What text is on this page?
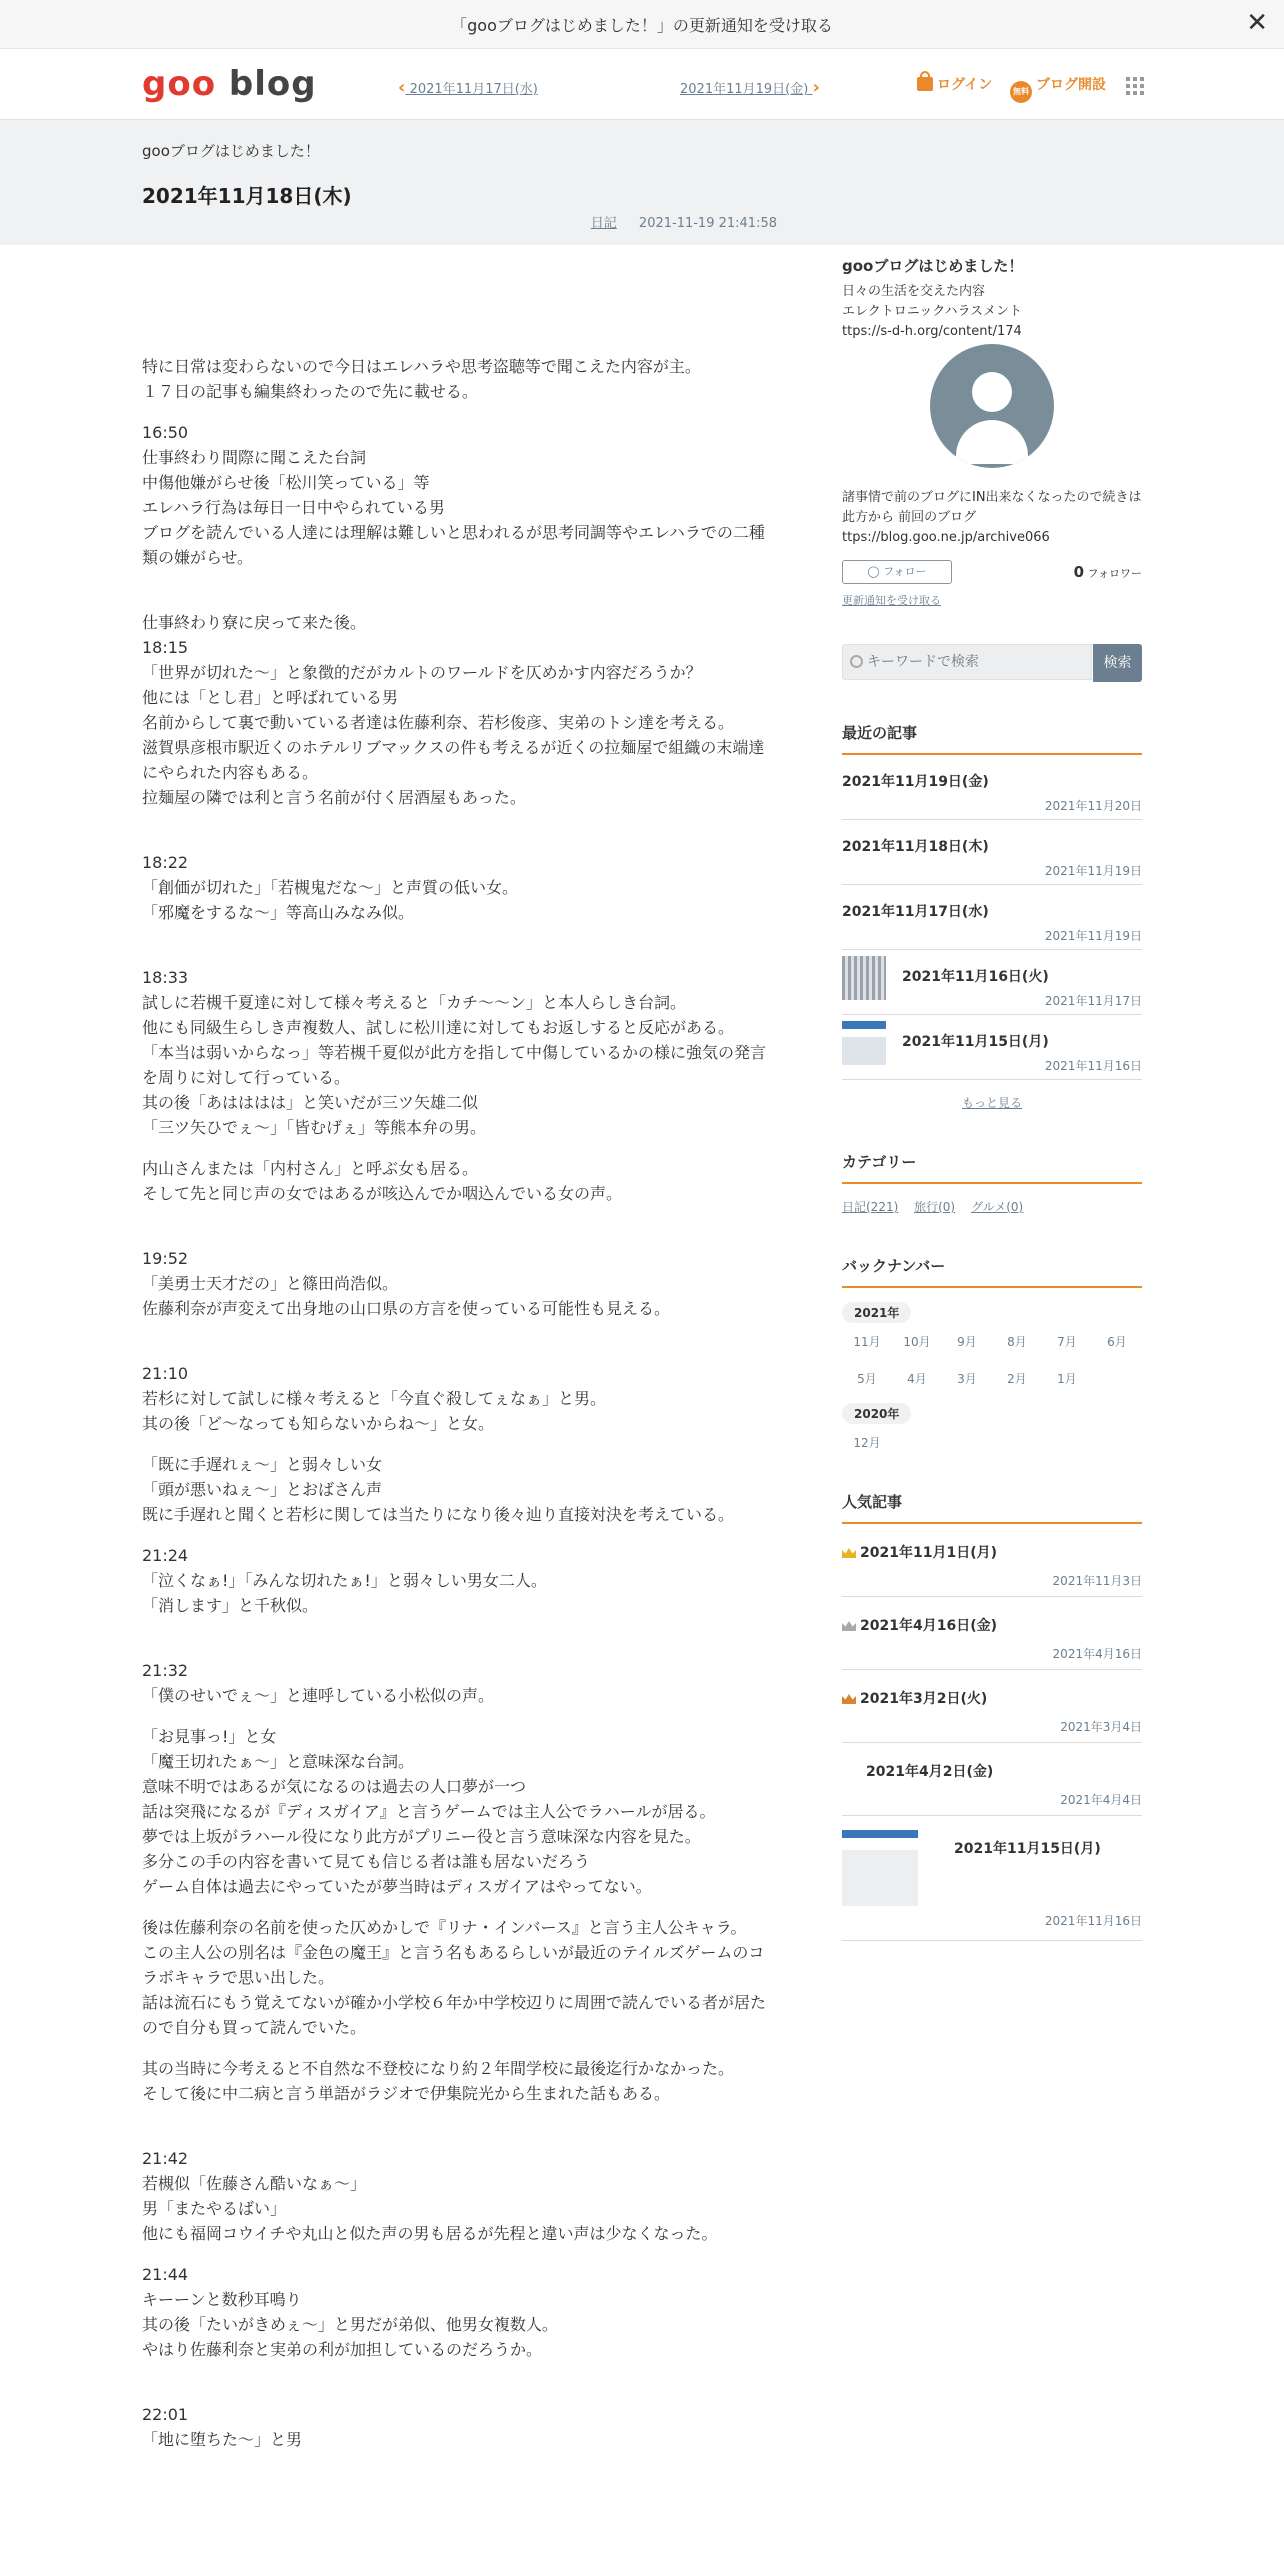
「gooブログはじめました！」の更新通知を受け取る	✕
goo blog	‹ 2021年11月17日(水)	2021年11月19日(金) ›	ログイン	無料 ブログ開設
gooブログはじめました！
2021年11月18日(木)
日記 2021-11-19 21:41:58

特に日常は変わらないので今日はエレハラや思考盗聴等で聞こえた内容が主。
１７日の記事も編集終わったので先に載せる。

16:50
仕事終わり間際に聞こえた台詞
中傷他嫌がらせ後「松川笑っている」等
エレハラ行為は毎日一日中やられている男
ブログを読んでいる人達には理解は難しいと思われるが思考同調等やエレハラでの二種類の嫌がらせ。

仕事終わり寮に戻って来た後。
18:15
「世界が切れた～」と象徴的だがカルトのワールドを仄めかす内容だろうか？
他には「とし君」と呼ばれている男
名前からして裏で動いている者達は佐藤利奈、若杉俊彦、実弟のトシ達を考える。
滋賀県彦根市駅近くのホテルリブマックスの件も考えるが近くの拉麺屋で組織の末端達にやられた内容もある。
拉麺屋の隣では利と言う名前が付く居酒屋もあった。

18:22
「創価が切れた」「若槻鬼だな～」と声質の低い女。
「邪魔をするな～」等高山みなみ似。

18:33
試しに若槻千夏達に対して様々考えると「カチ～～ン」と本人らしき台詞。
他にも同級生らしき声複数人、試しに松川達に対してもお返しすると反応がある。
「本当は弱いからなっ」等若槻千夏似が此方を指して中傷しているかの様に強気の発言を周りに対して行っている。
其の後「あはははは」と笑いだが三ツ矢雄二似
「三ツ矢ひでぇ～」「皆むげぇ」等熊本弁の男。

内山さんまたは「内村さん」と呼ぶ女も居る。
そして先と同じ声の女ではあるが咳込んでか咽込んでいる女の声。

19:52
「美勇士天才だの」と篠田尚浩似。
佐藤利奈が声変えて出身地の山口県の方言を使っている可能性も見える。

21:10
若杉に対して試しに様々考えると「今直ぐ殺してぇなぁ」と男。
其の後「ど～なっても知らないからね～」と女。

「既に手遅れぇ～」と弱々しい女
「頭が悪いねぇ～」とおばさん声
既に手遅れと聞くと若杉に関しては当たりになり後々辿り直接対決を考えている。

21:24
「泣くなぁ!」「みんな切れたぁ!」と弱々しい男女二人。
「消します」と千秋似。

21:32
「僕のせいでぇ～」と連呼している小松似の声。

「お見事っ!」と女
「魔王切れたぁ～」と意味深な台詞。
意味不明ではあるが気になるのは過去の人口夢が一つ
話は突飛になるが『ディスガイア』と言うゲームでは主人公でラハールが居る。
夢では上坂がラハール役になり此方がプリニー役と言う意味深な内容を見た。
多分この手の内容を書いて見ても信じる者は誰も居ないだろう
ゲーム自体は過去にやっていたが夢当時はディスガイアはやってない。

後は佐藤利奈の名前を使った仄めかしで『リナ・インバース』と言う主人公キャラ。
この主人公の別名は『金色の魔王』と言う名もあるらしいが最近のテイルズゲームのコラボキャラで思い出した。
話は流石にもう覚えてないが確か小学校６年か中学校辺りに周囲で読んでいる者が居たので自分も買って読んでいた。

其の当時に今考えると不自然な不登校になり約２年間学校に最後迄行かなかった。
そして後に中二病と言う単語がラジオで伊集院光から生まれた話もある。

21:42
若槻似「佐藤さん酷いなぁ～」
男「またやるばい」
他にも福岡コウイチや丸山と似た声の男も居るが先程と違い声は少なくなった。

21:44
キーーンと数秒耳鳴り
其の後「たいがきめぇ～」と男だが弟似、他男女複数人。
やはり佐藤利奈と実弟の利が加担しているのだろうか。

22:01
「地に堕ちた～」と男

gooブログはじめました！
日々の生活を交えた内容
エレクトロニックハラスメント
ttps://s-d-h.org/content/174
諸事情で前のブログにIN出来なくなったので続きは此方から 前回のブログ ttps://blog.goo.ne.jp/archive066
◯ フォロー	0 フォロワー
更新通知を受け取る
キーワードで検索
検索
最近の記事
2021年11月19日(金)
2021年11月20日
2021年11月18日(木)
2021年11月19日
2021年11月17日(水)
2021年11月19日
2021年11月16日(火)
2021年11月17日
2021年11月15日(月)
2021年11月16日
もっと見る
カテゴリー
日記(221) 旅行(0) グルメ(0)
バックナンバー
2021年
11月	10月	9月	8月	7月	6月
5月	4月	3月	2月	1月
2020年
12月
人気記事
2021年11月1日(月)
2021年11月3日
2021年4月16日(金)
2021年4月16日
2021年3月2日(火)
2021年3月4日
2021年4月2日(金)
2021年4月4日
2021年11月15日(月)
2021年11月16日
